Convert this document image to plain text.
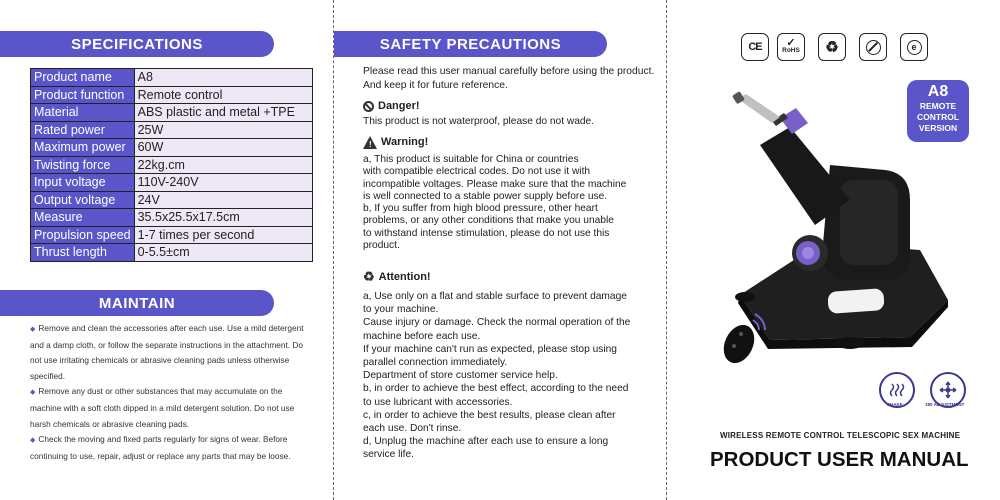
SPECIFICATIONS
Product name	A8
Product function	Remote control
Material	ABS plastic and metal +TPE
Rated power	25W
Maximum power	60W
Twisting force	22kg.cm
Input voltage	110V-240V
Output voltage	24V
Measure	35.5x25.5x17.5cm
Propulsion speed	1-7 times per second
Thrust length	0-5.5±cm
MAINTAIN

◆ Remove and clean the accessories after each use. Use a mild detergent and a damp cloth, or follow the separate instructions in the attachment. Do not use irritating chemicals or abrasive cleaning pads unless otherwise specified.

◆ Remove any dust or other substances that may accumulate on the machine with a soft cloth dipped in a mild detergent solution. Do not use harsh chemicals or abrasive cleaning pads.

◆ Check the moving and fixed parts regularly for signs of wear. Before continuing to use, repair, adjust or replace any parts that may be loose.

SAFETY PRECAUTIONS

Please read this user manual carefully before using the product.

And keep it for future reference.

Danger!

This product is not waterproof, please do not wade.

! Warning!

a, This product is suitable for China or countries

with compatible electrical codes. Do not use it with

incompatible voltages. Please make sure that the machine

is well connected to a stable power supply before use.

b, If you suffer from high blood pressure, other heart

problems, or any other conditions that make you unable

to withstand intense stimulation, please do not use this

product.

♻ Attention!

a, Use only on a flat and stable surface to prevent damage

to your machine.

Cause injury or damage. Check the normal operation of the

machine before each use.

If your machine can't run as expected, please stop using

parallel connection immediately.

Department of store customer service help.

b, in order to achieve the best effect, according to the need

to use lubricant with accessories.

c, in order to achieve the best results, please clean after

each use. Don't rinse.

d, Unplug the machine after each use to ensure a long

service life.

CE ✓
RoHS	♻	e
A8
REMOTE
CONTROL
VERSION
SHAKE	180 ADJUSTMENT
WIRELESS REMOTE CONTROL TELESCOPIC SEX MACHINE
PRODUCT USER MANUAL
